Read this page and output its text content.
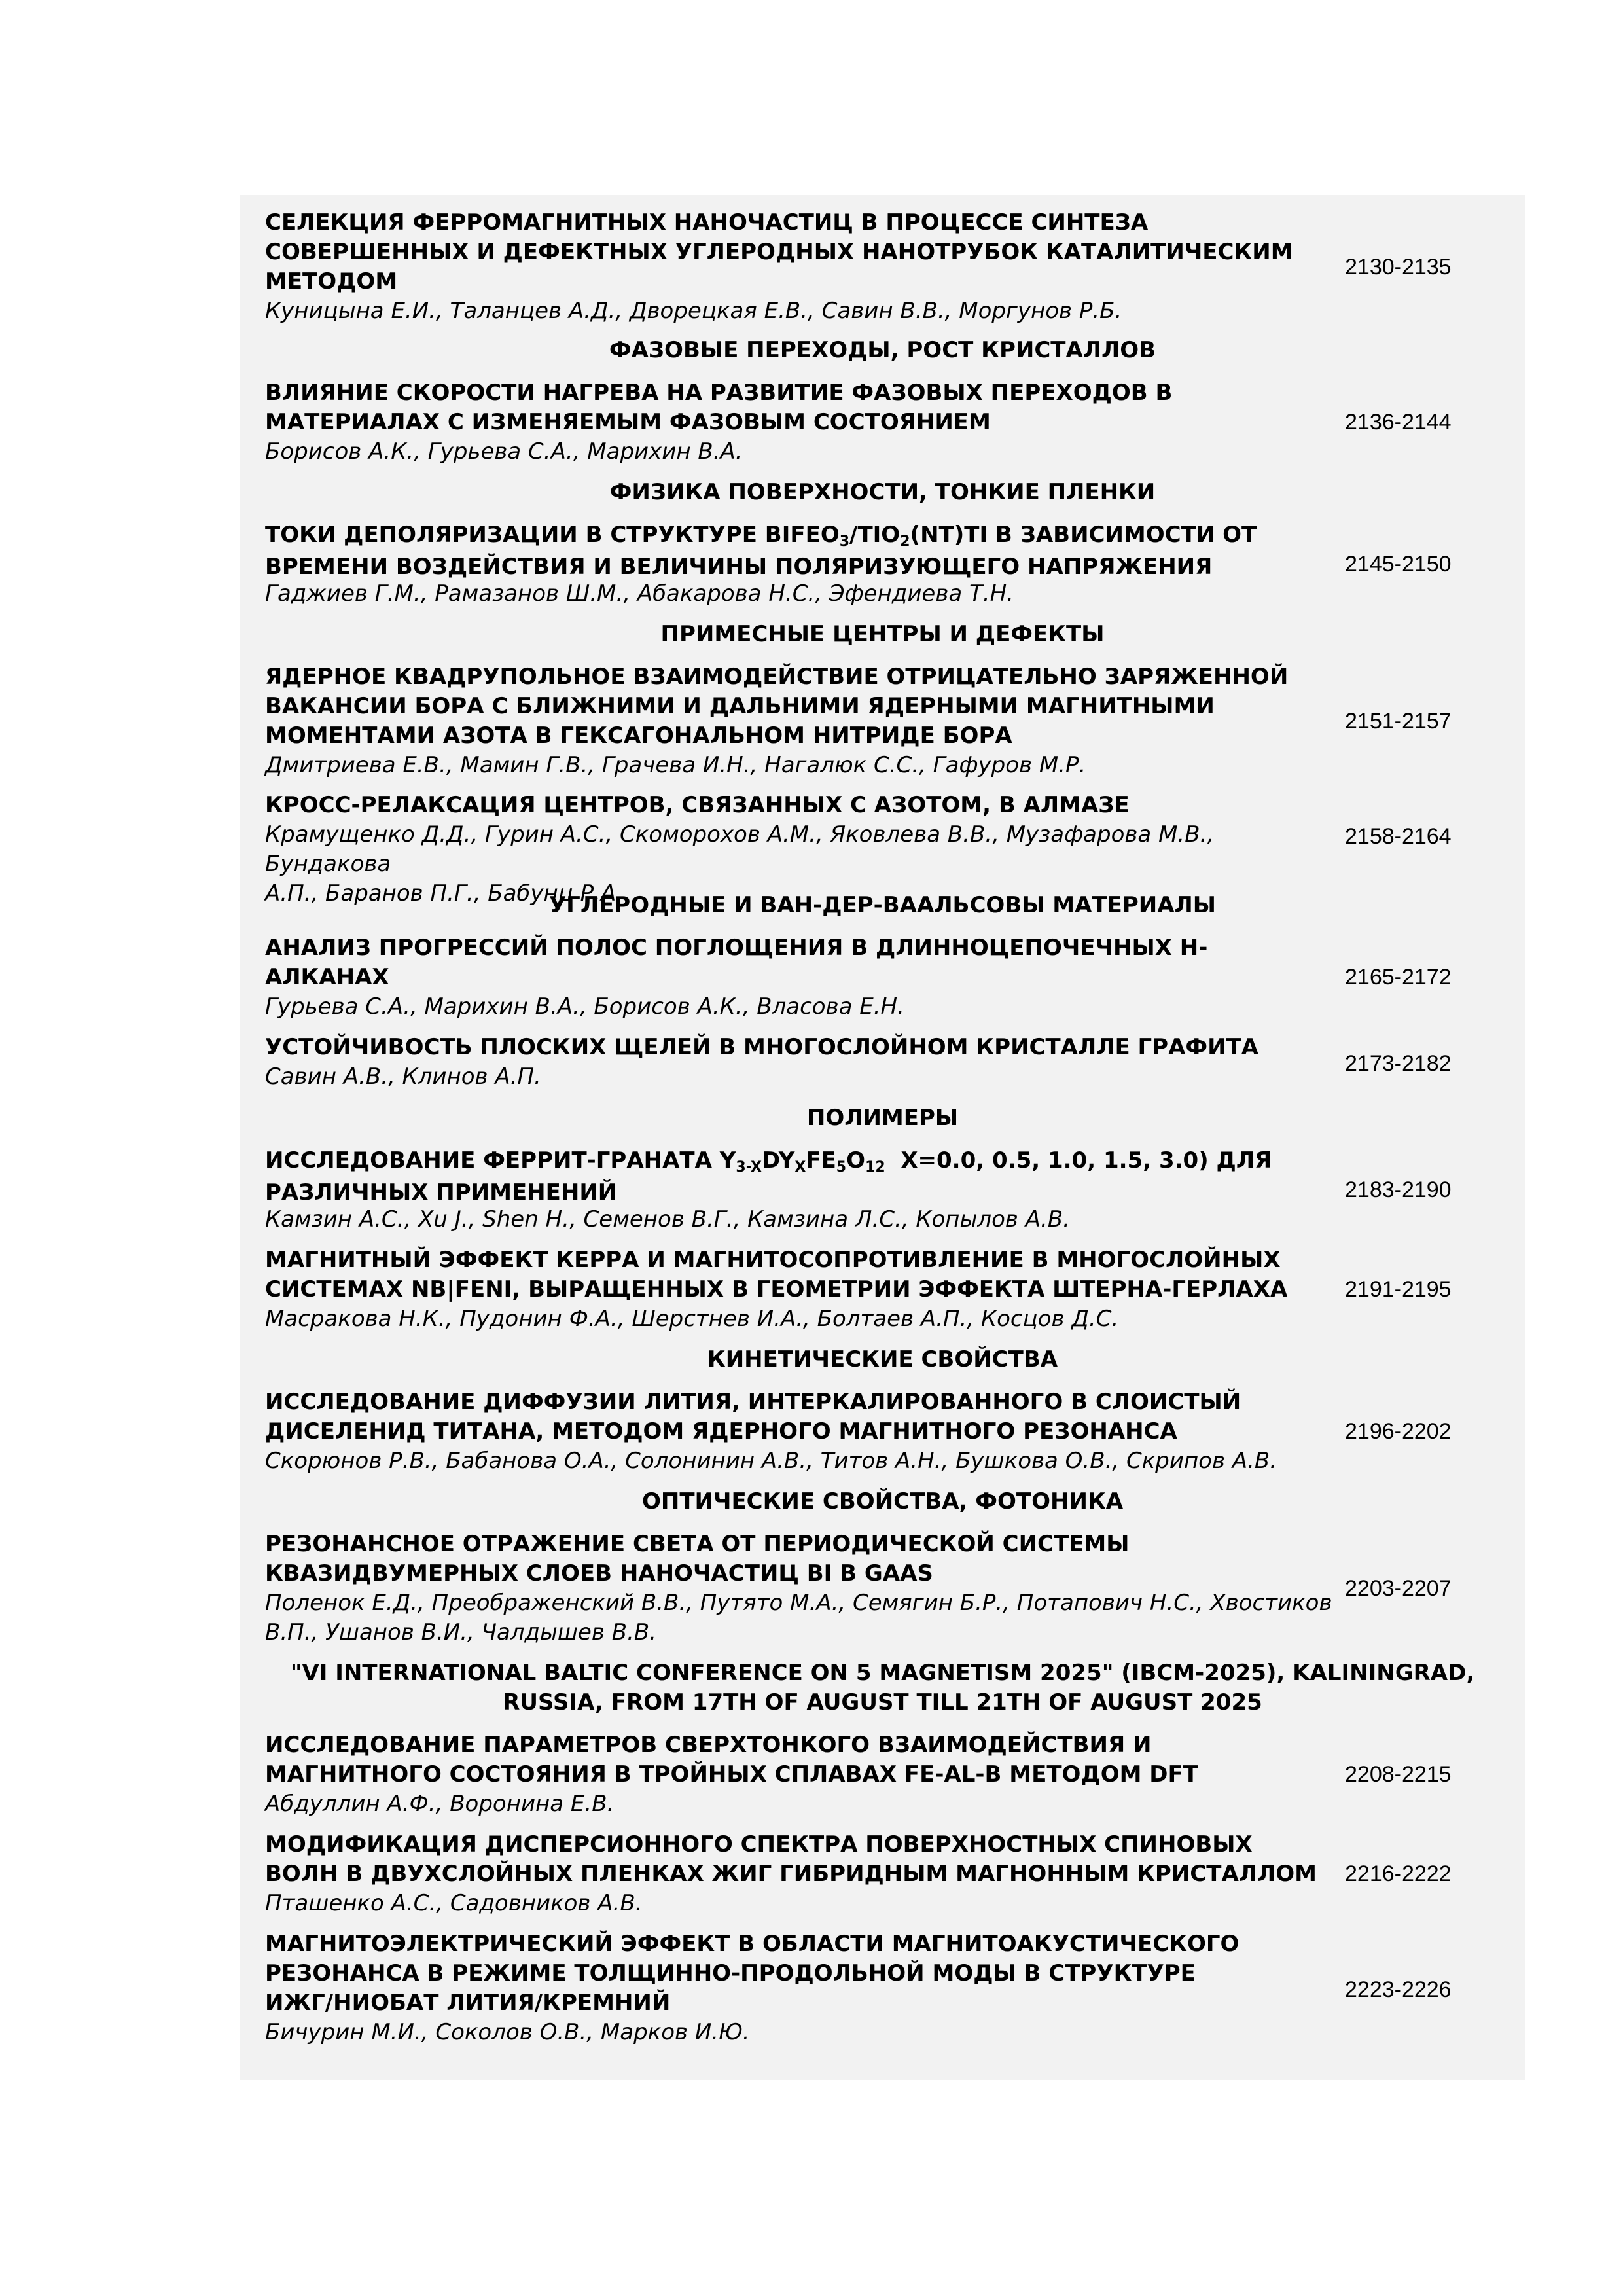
СЕЛЕКЦИЯ ФЕРРОМАГНИТНЫХ НАНОЧАСТИЦ В ПРОЦЕССЕ СИНТЕЗА
СОВЕРШЕННЫХ И ДЕФЕКТНЫХ УГЛЕРОДНЫХ НАНОТРУБОК КАТАЛИТИЧЕСКИМ
МЕТОДОМ
Куницына Е.И., Таланцев А.Д., Дворецкая Е.В., Савин В.В., Моргунов Р.Б.
2130-2135
ФАЗОВЫЕ ПЕРЕХОДЫ, РОСТ КРИСТАЛЛОВ
ВЛИЯНИЕ СКОРОСТИ НАГРЕВА НА РАЗВИТИЕ ФАЗОВЫХ ПЕРЕХОДОВ В
МАТЕРИАЛАХ С ИЗМЕНЯЕМЫМ ФАЗОВЫМ СОСТОЯНИЕМ
Борисов А.К., Гурьева С.А., Марихин В.А.
2136-2144
ФИЗИКА ПОВЕРХНОСТИ, ТОНКИЕ ПЛЕНКИ
ТОКИ ДЕПОЛЯРИЗАЦИИ В СТРУКТУРЕ $BIFEO_3/TIO_2(NT)TI$ В ЗАВИСИМОСТИ ОТ
ВРЕМЕНИ ВОЗДЕЙСТВИЯ И ВЕЛИЧИНЫ ПОЛЯРИЗУЮЩЕГО НАПРЯЖЕНИЯ
Гаджиев Г.М., Рамазанов Ш.М., Абакарова Н.С., Эфендиева Т.Н.
2145-2150
ПРИМЕСНЫЕ ЦЕНТРЫ И ДЕФЕКТЫ
ЯДЕРНОЕ КВАДРУПОЛЬНОЕ ВЗАИМОДЕЙСТВИЕ ОТРИЦАТЕЛЬНО ЗАРЯЖЕННОЙ
ВАКАНСИИ БОРА С БЛИЖНИМИ И ДАЛЬНИМИ ЯДЕРНЫМИ МАГНИТНЫМИ
МОМЕНТАМИ АЗОТА В ГЕКСАГОНАЛЬНОМ НИТРИДЕ БОРА
Дмитриева Е.В., Мамин Г.В., Грачева И.Н., Нагалюк С.С., Гафуров М.Р.
2151-2157
КРОСС-РЕЛАКСАЦИЯ ЦЕНТРОВ, СВЯЗАННЫХ С АЗОТОМ, В АЛМАЗЕ
Крамущенко Д.Д., Гурин А.С., Скоморохов А.М., Яковлева В.В., Музафарова М.В., Бундакова
А.П., Баранов П.Г., Бабунц Р.А.
2158-2164
УГЛЕРОДНЫЕ И ВАН-ДЕР-ВААЛЬСОВЫ МАТЕРИАЛЫ
АНАЛИЗ ПРОГРЕССИЙ ПОЛОС ПОГЛОЩЕНИЯ В ДЛИННОЦЕПОЧЕЧНЫХ Н-
АЛКАНАХ
Гурьева С.А., Марихин В.А., Борисов А.К., Власова Е.Н.
2165-2172
УСТОЙЧИВОСТЬ ПЛОСКИХ ЩЕЛЕЙ В МНОГОСЛОЙНОМ КРИСТАЛЛЕ ГРАФИТА
Савин А.В., Клинов А.П.	2173-2182
ПОЛИМЕРЫ
ИССЛЕДОВАНИЕ ФЕРРИТ-ГРАНАТА $Y_{3-X}DY_XFE_5O_{12}$  X=0.0, 0.5, 1.0, 1.5, 3.0) ДЛЯ
РАЗЛИЧНЫХ ПРИМЕНЕНИЙ
Камзин А.С., Xu J., Shen H., Семенов В.Г., Камзина Л.С., Копылов А.В.
2183-2190
МАГНИТНЫЙ ЭФФЕКТ КЕРРА И МАГНИТОСОПРОТИВЛЕНИЕ В МНОГОСЛОЙНЫХ
СИСТЕМАХ NB|FENI, ВЫРАЩЕННЫХ В ГЕОМЕТРИИ ЭФФЕКТА ШТЕРНА-ГЕРЛАХА
Масракова Н.К., Пудонин Ф.А., Шерстнев И.А., Болтаев А.П., Косцов Д.С.
2191-2195
КИНЕТИЧЕСКИЕ СВОЙСТВА
ИССЛЕДОВАНИЕ ДИФФУЗИИ ЛИТИЯ, ИНТЕРКАЛИРОВАННОГО В СЛОИСТЫЙ
ДИСЕЛЕНИД ТИТАНА, МЕТОДОМ ЯДЕРНОГО МАГНИТНОГО РЕЗОНАНСА
Скорюнов Р.В., Бабанова О.А., Солонинин А.В., Титов А.Н., Бушкова О.В., Скрипов А.В.
2196-2202
ОПТИЧЕСКИЕ СВОЙСТВА, ФОТОНИКА
РЕЗОНАНСНОЕ ОТРАЖЕНИЕ СВЕТА ОТ ПЕРИОДИЧЕСКОЙ СИСТЕМЫ
КВАЗИДВУМЕРНЫХ СЛОЕВ НАНОЧАСТИЦ BI В GAAS
Поленок Е.Д., Преображенский В.В., Путято М.А., Семягин Б.Р., Потапович Н.С., Хвостиков
В.П., Ушанов В.И., Чалдышев В.В.
2203-2207
"VI INTERNATIONAL BALTIC CONFERENCE ON 5 MAGNETISM 2025" (IBCM-2025), KALININGRAD,
RUSSIA, FROM 17TH OF AUGUST TILL 21TH OF AUGUST 2025
ИССЛЕДОВАНИЕ ПАРАМЕТРОВ СВЕРХТОНКОГО ВЗАИМОДЕЙСТВИЯ И
МАГНИТНОГО СОСТОЯНИЯ В ТРОЙНЫХ СПЛАВАХ FE-AL-B МЕТОДОМ DFT
Абдуллин А.Ф., Воронина Е.В.
2208-2215
МОДИФИКАЦИЯ ДИСПЕРСИОННОГО СПЕКТРА ПОВЕРХНОСТНЫХ СПИНОВЫХ
ВОЛН В ДВУХСЛОЙНЫХ ПЛЕНКАХ ЖИГ ГИБРИДНЫМ МАГНОННЫМ КРИСТАЛЛОМ
Пташенко А.С., Садовников А.В.
2216-2222
МАГНИТОЭЛЕКТРИЧЕСКИЙ ЭФФЕКТ В ОБЛАСТИ МАГНИТОАКУСТИЧЕСКОГО
РЕЗОНАНСА В РЕЖИМЕ ТОЛЩИННО-ПРОДОЛЬНОЙ МОДЫ В СТРУКТУРЕ
ИЖГ/НИОБАТ ЛИТИЯ/КРЕМНИЙ
Бичурин М.И., Соколов О.В., Марков И.Ю.
2223-2226
